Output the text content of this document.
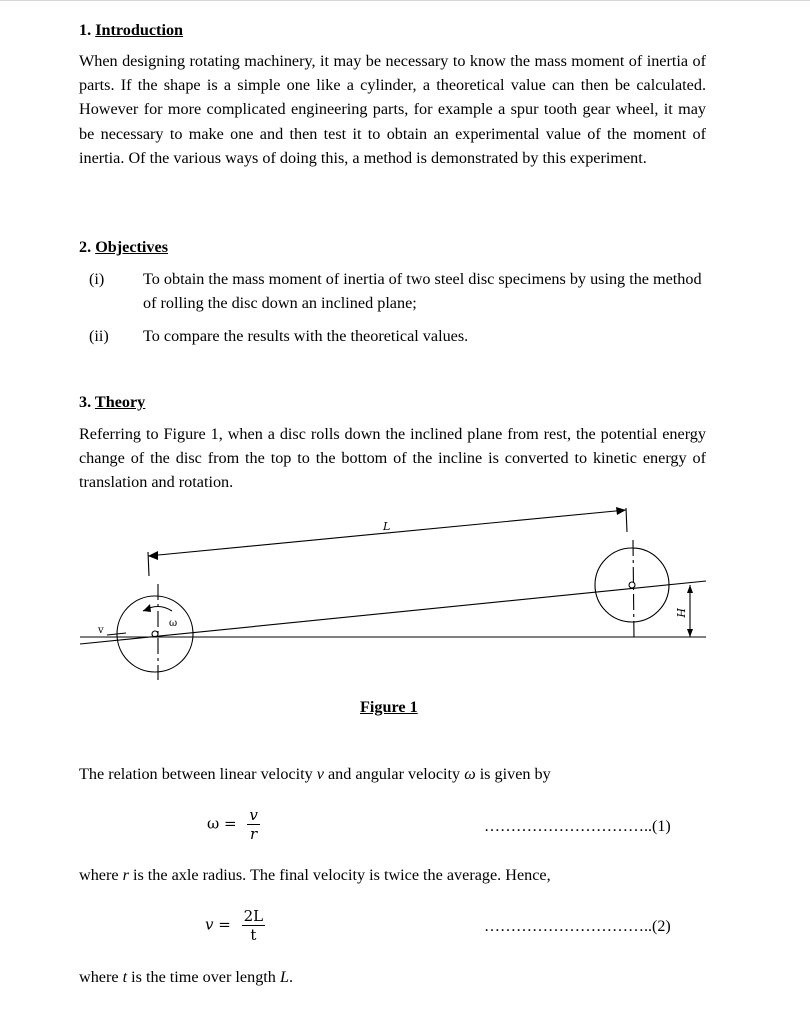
1. Introduction

When designing rotating machinery, it may be necessary to know the mass moment of inertia of parts. If the shape is a simple one like a cylinder, a theoretical value can then be calculated. However for more complicated engineering parts, for example a spur tooth gear wheel, it may be necessary to make one and then test it to obtain an experimental value of the moment of inertia. Of the various ways of doing this, a method is demonstrated by this experiment.

2. Objectives

(i)	To obtain the mass moment of inertia of two steel disc specimens by using the method of rolling the disc down an inclined plane;
(ii)	To compare the results with the theoretical values.

3. Theory

Referring to Figure 1, when a disc rolls down the inclined plane from rest, the potential energy change of the disc from the top to the bottom of the incline is converted to kinetic energy of translation and rotation.

L
H
v
ω
Figure 1
The relation between linear velocity v and angular velocity ω is given by
$\omega = \frac{v}{r}$	…………………………..(1)
where r is the axle radius. The final velocity is twice the average. Hence,
$v = \frac{2L}{t}$	…………………………..(2)
where t is the time over length L.
